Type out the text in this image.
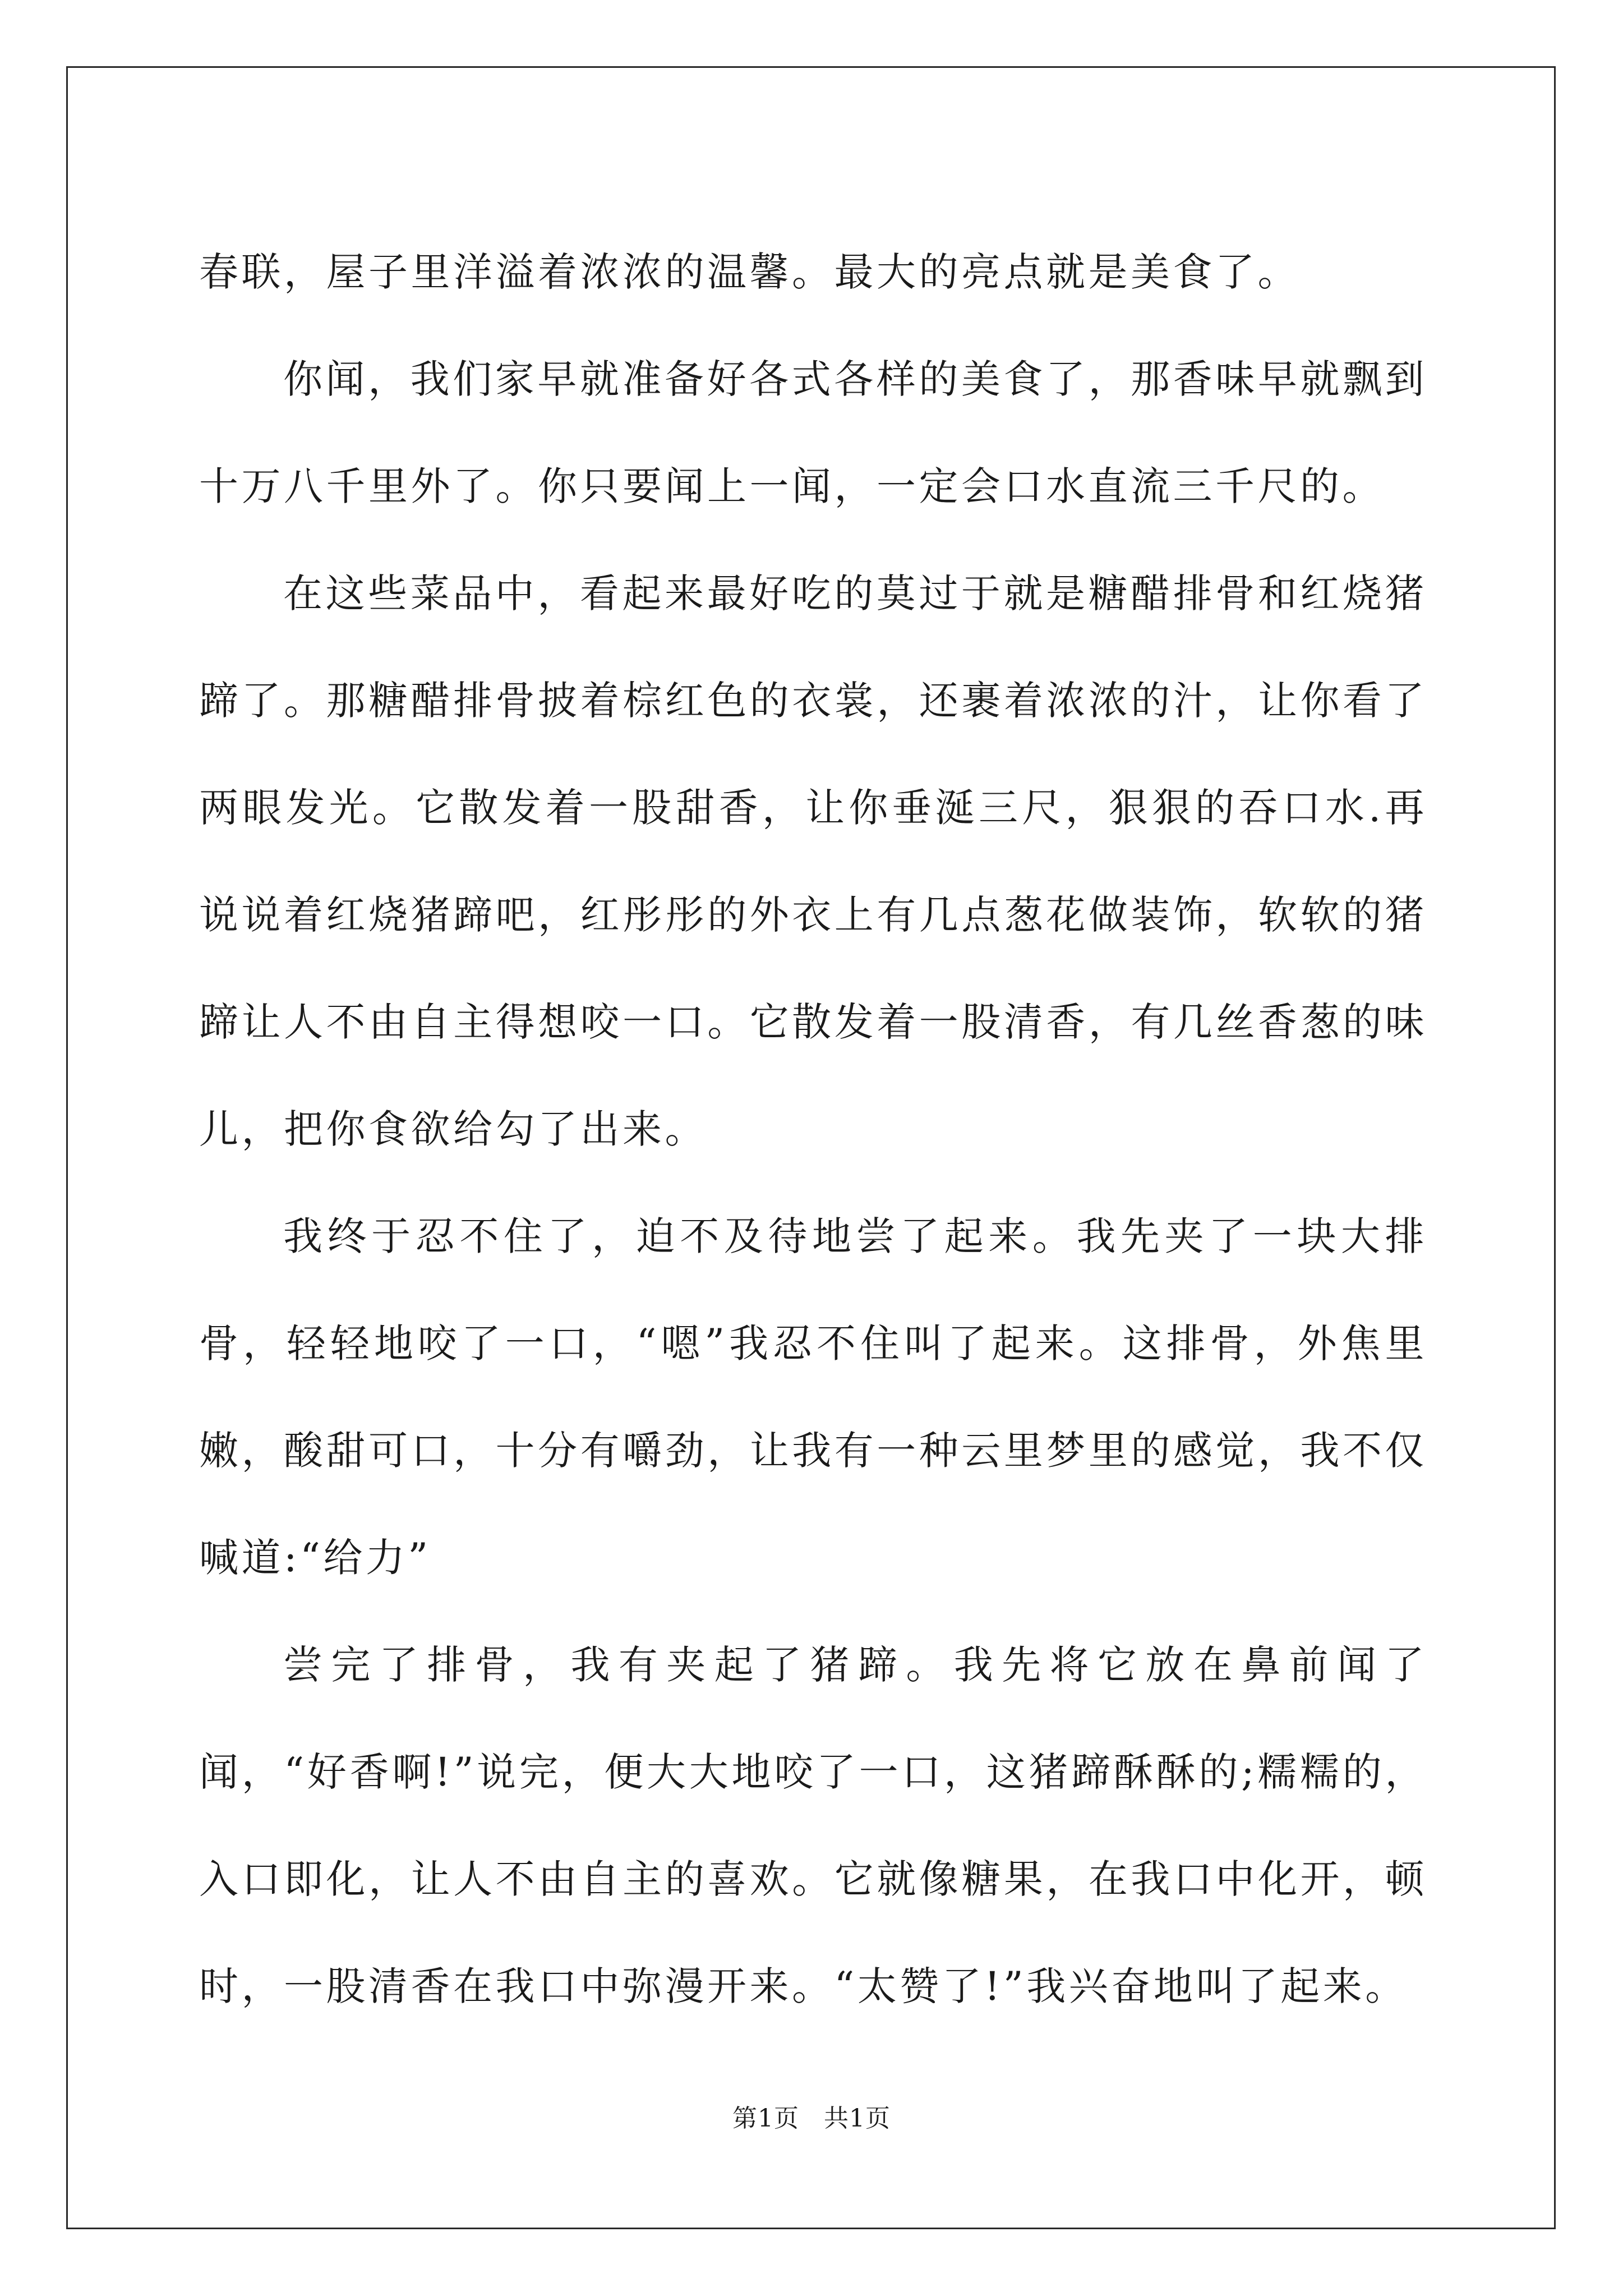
春联，屋子里洋溢着浓浓的温馨。最大的亮点就是美食了。

你闻，我们家早就准备好各式各样的美食了，那香味早就飘到十万八千里外了。你只要闻上一闻，一定会口水直流三千尺的。

在这些菜品中，看起来最好吃的莫过于就是糖醋排骨和红烧猪蹄了。那糖醋排骨披着棕红色的衣裳，还裹着浓浓的汁，让你看了两眼发光。它散发着一股甜香，让你垂涎三尺，狠狠的吞口水.再说说着红烧猪蹄吧，红彤彤的外衣上有几点葱花做装饰，软软的猪蹄让人不由自主得想咬一口。它散发着一股清香，有几丝香葱的味儿，把你食欲给勾了出来。

我终于忍不住了，迫不及待地尝了起来。我先夹了一块大排骨，轻轻地咬了一口，“嗯”我忍不住叫了起来。这排骨，外焦里嫩，酸甜可口，十分有嚼劲，让我有一种云里梦里的感觉，我不仅喊道:“给力”

尝完了排骨，我有夹起了猪蹄。我先将它放在鼻前闻了闻，“好香啊!”说完，便大大地咬了一口，这猪蹄酥酥的;糯糯的，入口即化，让人不由自主的喜欢。它就像糖果，在我口中化开，顿时，一股清香在我口中弥漫开来。“太赞了!”我兴奋地叫了起来。

第1页 共1页
